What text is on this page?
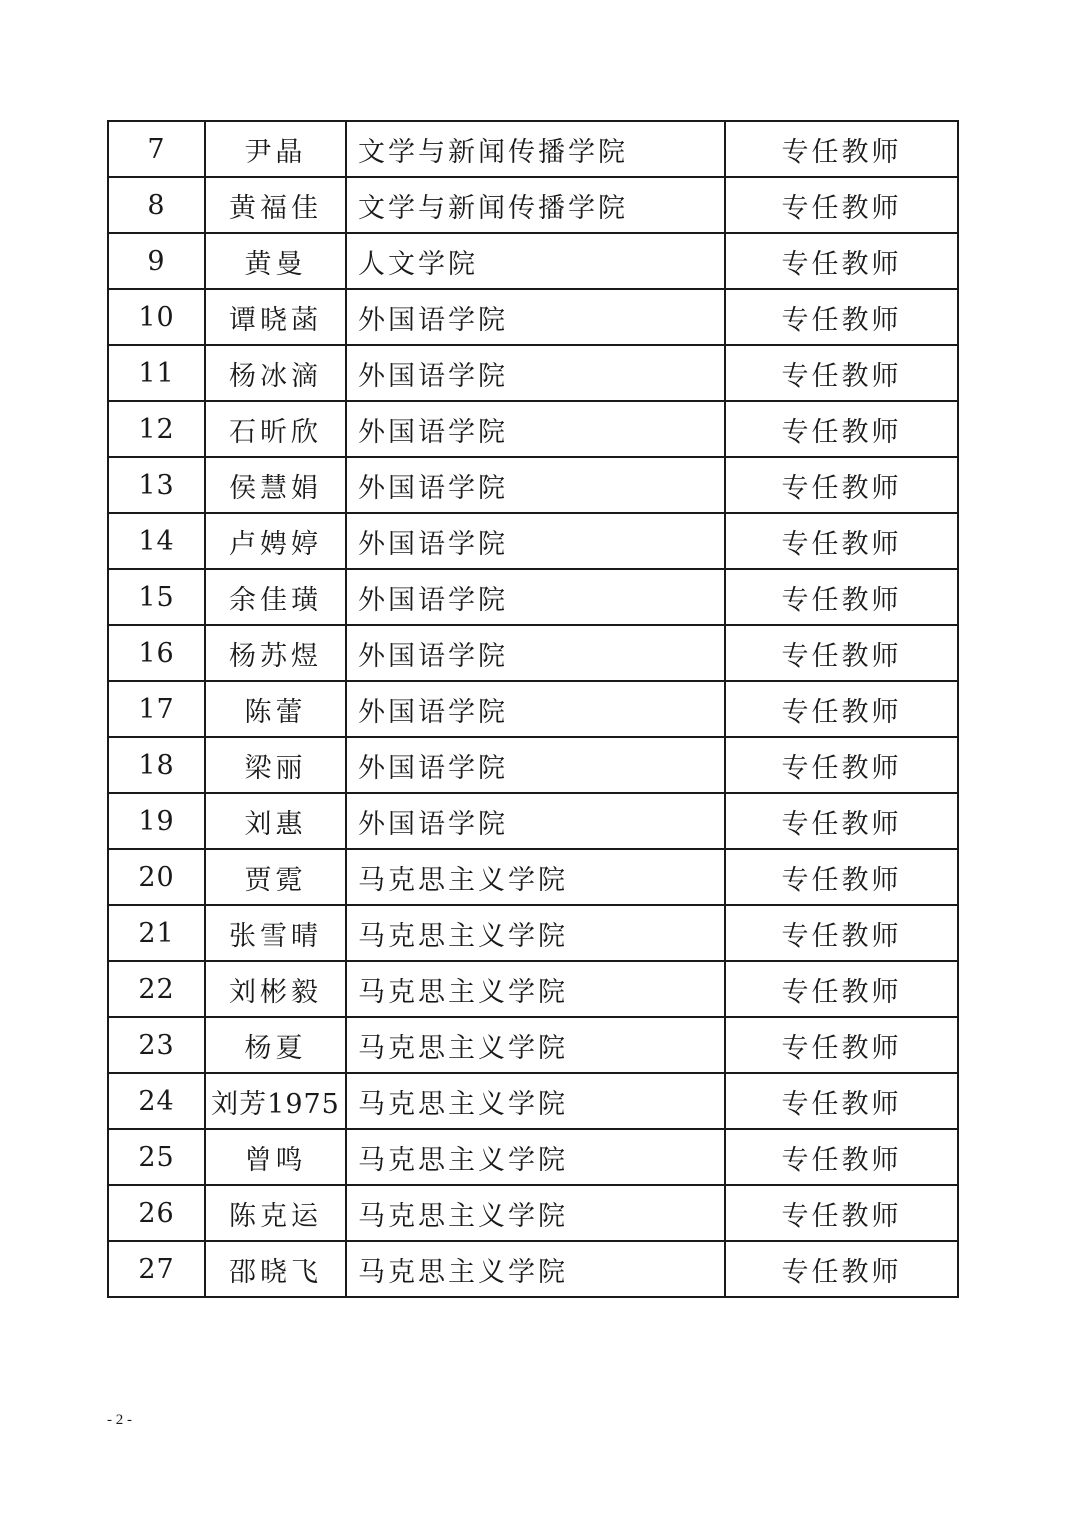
7	尹晶	文学与新闻传播学院	专任教师
8	黄福佳	文学与新闻传播学院	专任教师
9	黄曼	人文学院	专任教师
10	谭晓菡	外国语学院	专任教师
11	杨冰滴	外国语学院	专任教师
12	石昕欣	外国语学院	专任教师
13	侯慧娟	外国语学院	专任教师
14	卢娉婷	外国语学院	专任教师
15	余佳璜	外国语学院	专任教师
16	杨苏煜	外国语学院	专任教师
17	陈蕾	外国语学院	专任教师
18	梁丽	外国语学院	专任教师
19	刘惠	外国语学院	专任教师
20	贾霓	马克思主义学院	专任教师
21	张雪晴	马克思主义学院	专任教师
22	刘彬毅	马克思主义学院	专任教师
23	杨夏	马克思主义学院	专任教师
24	刘芳1975	马克思主义学院	专任教师
25	曾鸣	马克思主义学院	专任教师
26	陈克运	马克思主义学院	专任教师
27	邵晓飞	马克思主义学院	专任教师
- 2 -
